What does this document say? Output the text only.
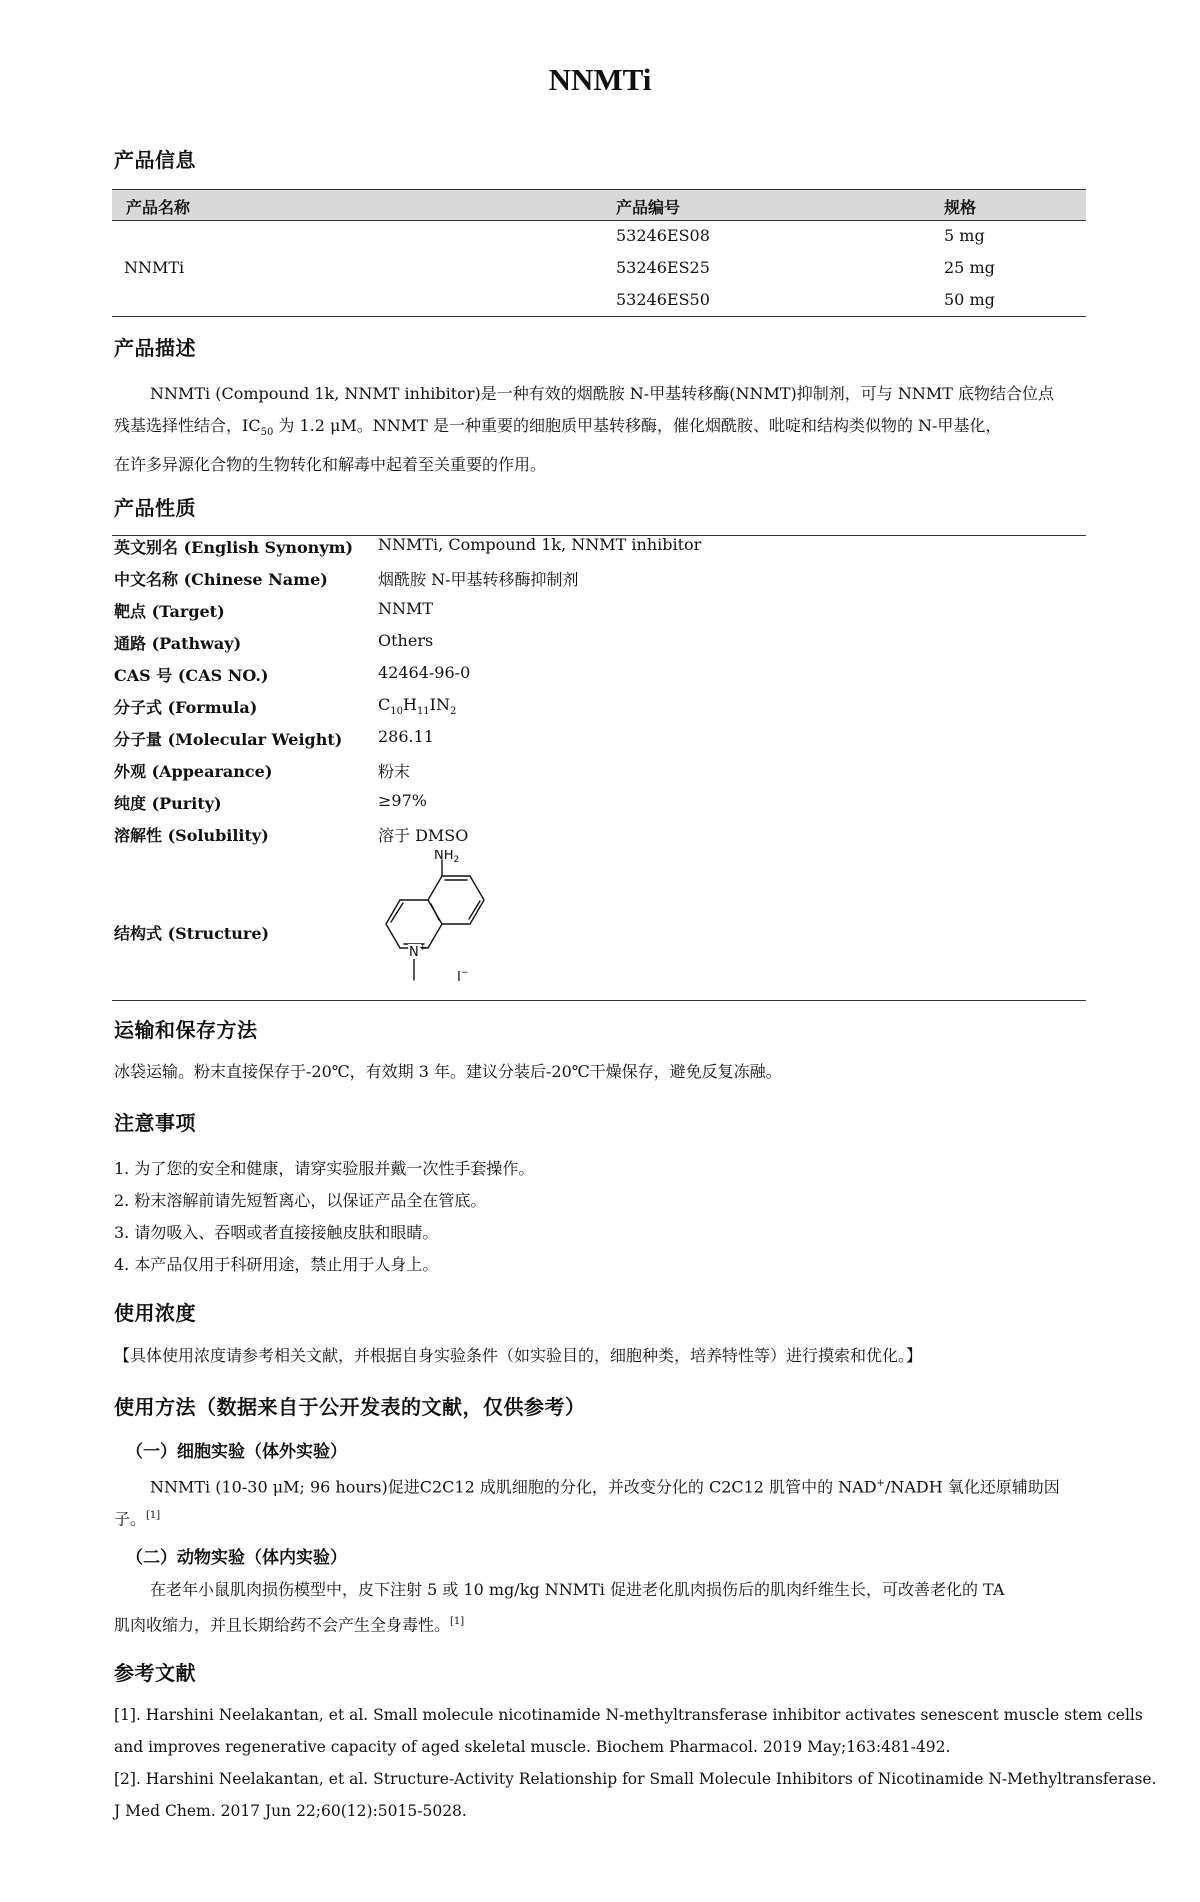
NNMTi
产品信息
产品名称	产品编号	规格
NNMTi
53246ES08	5 mg
53246ES25	25 mg
53246ES50	50 mg
产品描述

NNMTi (Compound 1k, NNMT inhibitor)是一种有效的烟酰胺 N-甲基转移酶(NNMT)抑制剂，可与 NNMT 底物结合位点

残基选择性结合，$IC_{50}$ 为 1.2 μM。NNMT 是一种重要的细胞质甲基转移酶，催化烟酰胺、吡啶和结构类似物的 N-甲基化，
在许多异源化合物的生物转化和解毒中起着至关重要的作用。
产品性质
英文别名 (English Synonym) NNMTi, Compound 1k, NNMT inhibitor
中文名称 (Chinese Name)	烟酰胺 N-甲基转移酶抑制剂
靶点 (Target)	NNMT
通路 (Pathway)	Others
CAS 号 (CAS NO.)	42464-96-0
分子式 (Formula)	$C_{10}H_{11}IN_2$
分子量 (Molecular Weight) 286.11
外观 (Appearance)	粉末
纯度 (Purity)	≥97%
溶解性 (Solubility)	溶于 DMSO
结构式 (Structure)
$NH_2$
N +
I−
运输和保存方法
冰袋运输。粉末直接保存于-20℃，有效期 3 年。建议分装后-20℃干燥保存，避免反复冻融。
注意事项
1. 为了您的安全和健康，请穿实验服并戴一次性手套操作。
2. 粉末溶解前请先短暂离心，以保证产品全在管底。
3. 请勿吸入、吞咽或者直接接触皮肤和眼睛。
4. 本产品仅用于科研用途，禁止用于人身上。
使用浓度
【具体使用浓度请参考相关文献，并根据自身实验条件（如实验目的，细胞种类，培养特性等）进行摸索和优化。】
使用方法（数据来自于公开发表的文献，仅供参考）
（一）细胞实验（体外实验）
NNMTi (10-30 μM; 96 hours)促进C2C12 成肌细胞的分化，并改变分化的 C2C12 肌管中的 NAD+/NADH 氧化还原辅助因
子。[1]
（二）动物实验（体内实验）
在老年小鼠肌肉损伤模型中，皮下注射 5 或 10 mg/kg NNMTi 促进老化肌肉损伤后的肌肉纤维生长，可改善老化的 TA
肌肉收缩力，并且长期给药不会产生全身毒性。[1]
参考文献
[1]. Harshini Neelakantan, et al. Small molecule nicotinamide N-methyltransferase inhibitor activates senescent muscle stem cells
and improves regenerative capacity of aged skeletal muscle. Biochem Pharmacol. 2019 May;163:481-492.
[2]. Harshini Neelakantan, et al. Structure-Activity Relationship for Small Molecule Inhibitors of Nicotinamide N-Methyltransferase.
J Med Chem. 2017 Jun 22;60(12):5015-5028.
